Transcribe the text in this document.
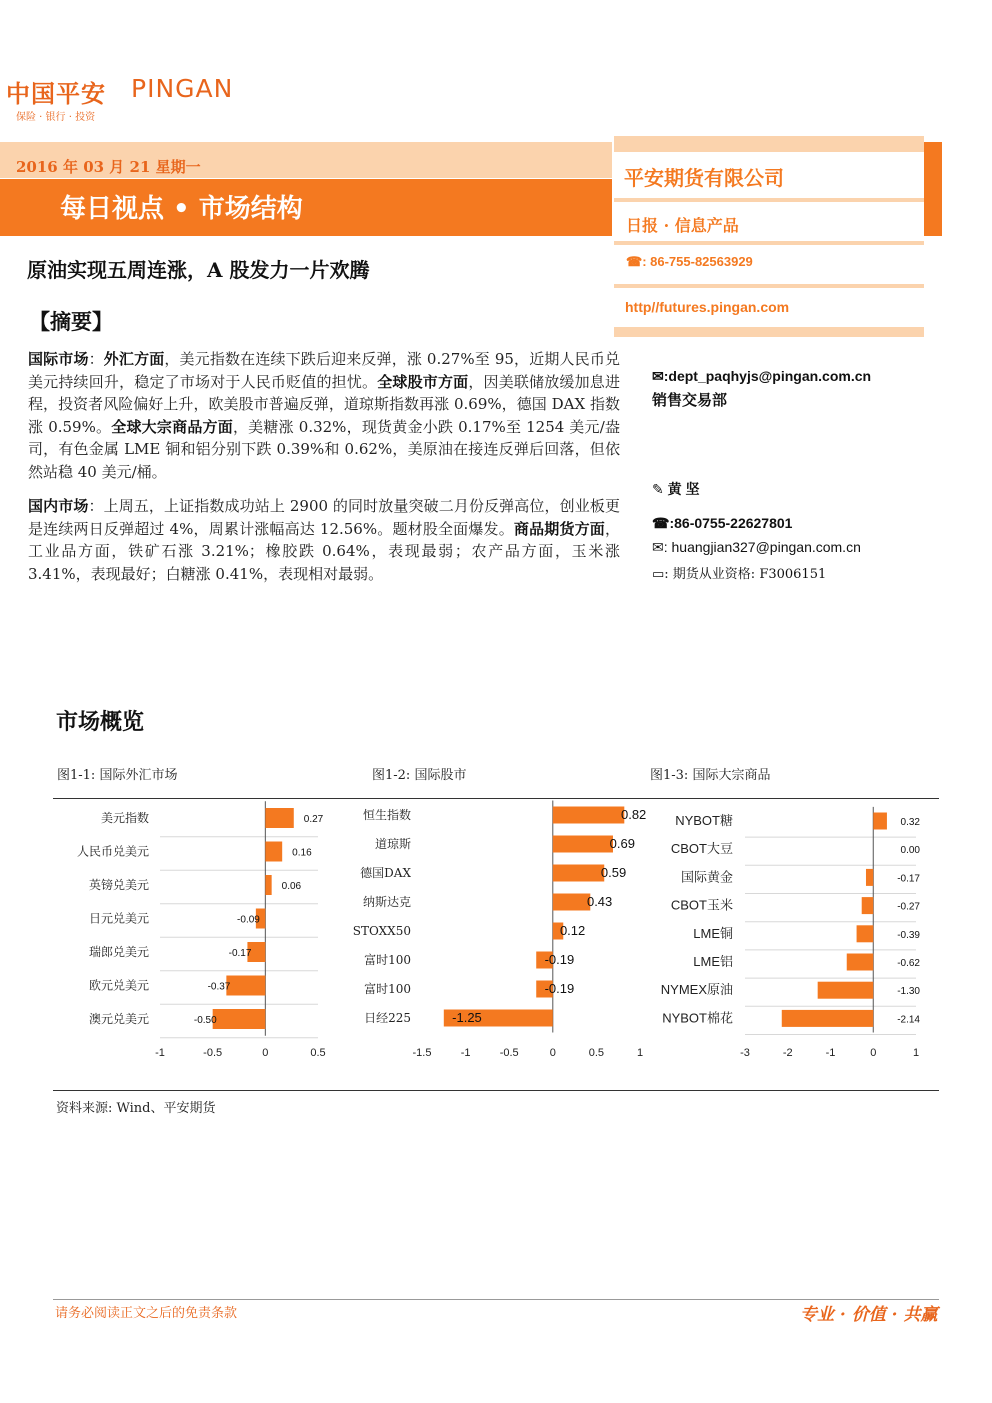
中国平安 PINGAN
保险 · 银行 · 投资
2016 年 03 月 21 星期一
每日视点 • 市场结构
平安期货有限公司
日报 · 信息产品
☎: 86-755-82563929
http//futures.pingan.com
原油实现五周连涨，A 股发力一片欢腾
【摘要】
国际市场：外汇方面，美元指数在连续下跌后迎来反弹，涨 0.27%至 95，近期人民币兑美元持续回升，稳定了市场对于人民币贬值的担忧。全球股市方面，因美联储放缓加息进程，投资者风险偏好上升，欧美股市普遍反弹，道琼斯指数再涨 0.69%，德国 DAX 指数涨 0.59%。全球大宗商品方面，美糖涨 0.32%，现货黄金小跌 0.17%至 1254 美元/盎司，有色金属 LME 铜和铝分别下跌 0.39%和 0.62%，美原油在接连反弹后回落，但依然站稳 40 美元/桶。
国内市场：上周五，上证指数成功站上 2900 的同时放量突破二月份反弹高位，创业板更是连续两日反弹超过 4%，周累计涨幅高达 12.56%。题材股全面爆发。商品期货方面，工业品方面，铁矿石涨 3.21%；橡胶跌 0.64%，表现最弱；农产品方面，玉米涨 3.41%，表现最好；白糖涨 0.41%，表现相对最弱。
✉:dept_paqhyjs@pingan.com.cn
销售交易部
✎ 黄 坚
☎:86-0755-22627801
✉: huangjian327@pingan.com.cn
▭: 期货从业资格: F3006151
市场概览
图1-1: 国际外汇市场	图1-2: 国际股市	图1-3: 国际大宗商品
美元指数	0.27
人民币兑美元	0.16
英镑兑美元	0.06
日元兑美元	-0.09
瑞郎兑美元	-0.17
欧元兑美元	-0.37
澳元兑美元	-0.50
-1	-0.5	0	0.5
恒生指数	0.82
道琼斯	0.69
德国DAX	0.59
纳斯达克	0.43
STOXX50	0.12
富时100	-0.19
富时100	-0.19
日经225	-1.25
-1.5	-1	-0.5	0	0.5	1
NYBOT糖	0.32
CBOT大豆	0.00
国际黄金	-0.17
CBOT玉米	-0.27
LME铜	-0.39
LME铝	-0.62
NYMEX原油	-1.30
NYBOT棉花	-2.14
-3	-2	-1	0	1
资料来源: Wind、平安期货
请务必阅读正文之后的免责条款	专业 · 价值 · 共赢
